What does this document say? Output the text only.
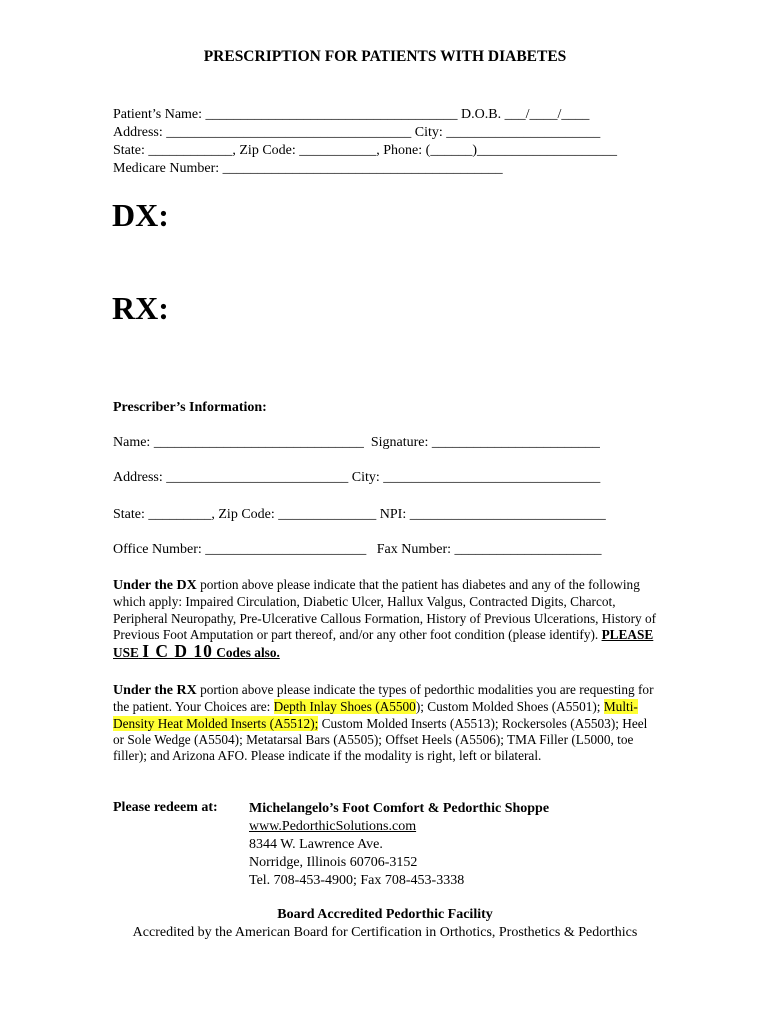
PRESCRIPTION FOR PATIENTS WITH DIABETES
Patient’s Name: ____________________________________ D.O.B. ___/____/____
Address: ___________________________________ City: ______________________
State: ____________, Zip Code: ___________, Phone: (______)____________________
Medicare Number: ________________________________________
DX:
RX:
Prescriber’s Information:
Name: ______________________________  Signature: ________________________
Address: __________________________ City: _______________________________
State: _________, Zip Code: ______________ NPI: ____________________________
Office Number: _______________________   Fax Number: _____________________
Under the DX portion above please indicate that the patient has diabetes and any of the following which apply: Impaired Circulation, Diabetic Ulcer, Hallux Valgus, Contracted Digits, Charcot, Peripheral Neuropathy, Pre-Ulcerative Callous Formation, History of Previous Ulcerations, History of Previous Foot Amputation or part thereof, and/or any other foot condition (please identify). PLEASE USE I C D 10 Codes also.
Under the RX portion above please indicate the types of pedorthic modalities you are requesting for the patient. Your Choices are: Depth Inlay Shoes (A5500); Custom Molded Shoes (A5501); Multi-Density Heat Molded Inserts (A5512); Custom Molded Inserts (A5513); Rockersoles (A5503); Heel or Sole Wedge (A5504); Metatarsal Bars (A5505); Offset Heels (A5506); TMA Filler (L5000, toe filler); and Arizona AFO. Please indicate if the modality is right, left or bilateral.
Please redeem at: Michelangelo’s Foot Comfort & Pedorthic Shoppe
www.PedorthicSolutions.com
8344 W. Lawrence Ave.
Norridge, Illinois 60706-3152
Tel. 708-453-4900; Fax 708-453-3338
Board Accredited Pedorthic Facility
Accredited by the American Board for Certification in Orthotics, Prosthetics & Pedorthics
